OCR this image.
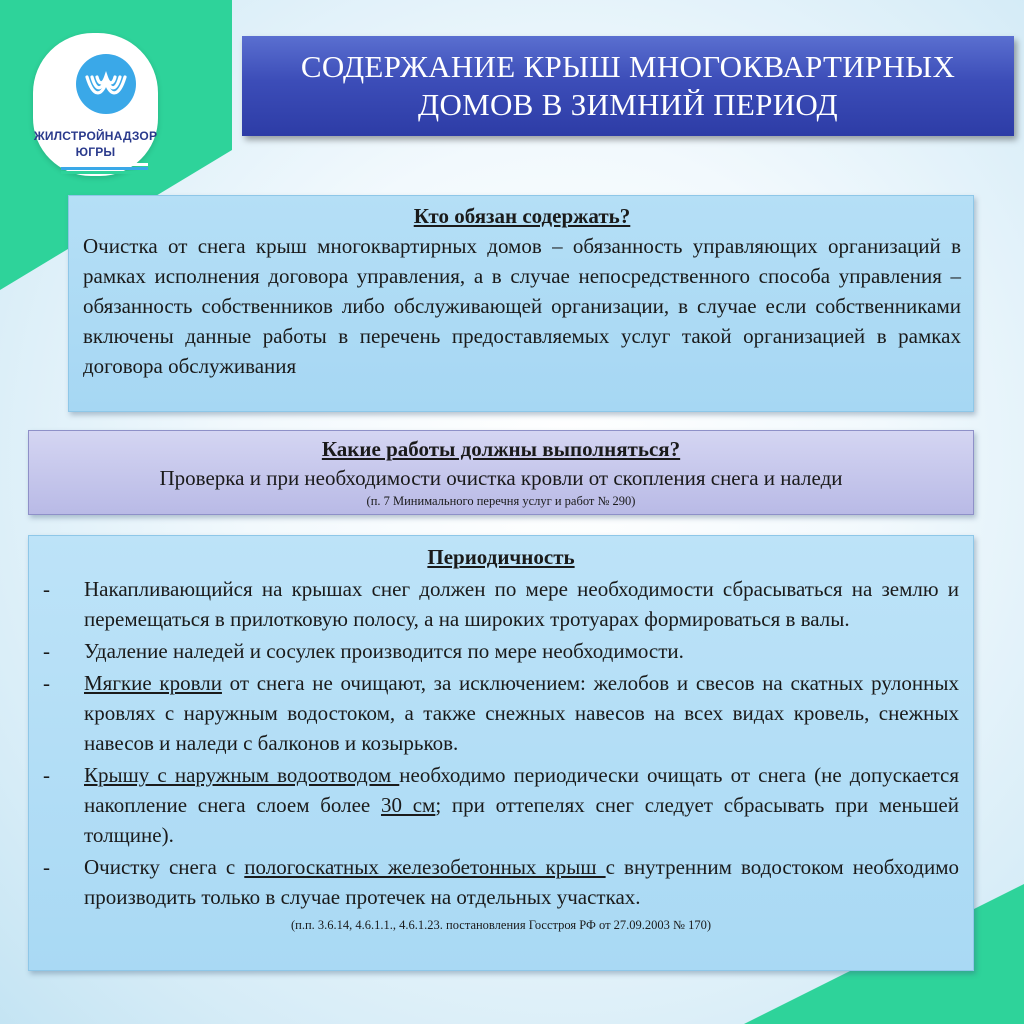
ЖИЛСТРОЙНАДЗОР
ЮГРЫ
СОДЕРЖАНИЕ КРЫШ МНОГОКВАРТИРНЫХ
ДОМОВ В ЗИМНИЙ ПЕРИОД
Кто обязан содержать?
Очистка от снега крыш многоквартирных домов – обязанность управляющих организаций в рамках исполнения договора управления, а в случае непосредственного способа управления – обязанность собственников либо обслуживающей организации, в случае если собственниками включены данные работы в перечень предоставляемых услуг такой организацией в рамках договора обслуживания
Какие работы должны выполняться?
Проверка и при необходимости очистка кровли от скопления снега и наледи
(п. 7 Минимального перечня услуг и работ № 290)
Периодичность
- Накапливающийся на крышах снег должен по мере необходимости сбрасываться на землю и перемещаться в прилотковую полосу, а на широких тротуарах формироваться в валы.
- Удаление наледей и сосулек производится по мере необходимости.
- Мягкие кровли от снега не очищают, за исключением: желобов и свесов на скатных рулонных кровлях с наружным водостоком, а также снежных навесов на всех видах кровель, снежных навесов и наледи с балконов и козырьков.
- Крышу с наружным водоотводом необходимо периодически очищать от снега (не допускается накопление снега слоем более 30 см; при оттепелях снег следует сбрасывать при меньшей толщине).
- Очистку снега с пологоскатных железобетонных крыш с внутренним водостоком необходимо производить только в случае протечек на отдельных участках.
(п.п. 3.6.14, 4.6.1.1., 4.6.1.23. постановления Госстроя РФ от 27.09.2003 № 170)
